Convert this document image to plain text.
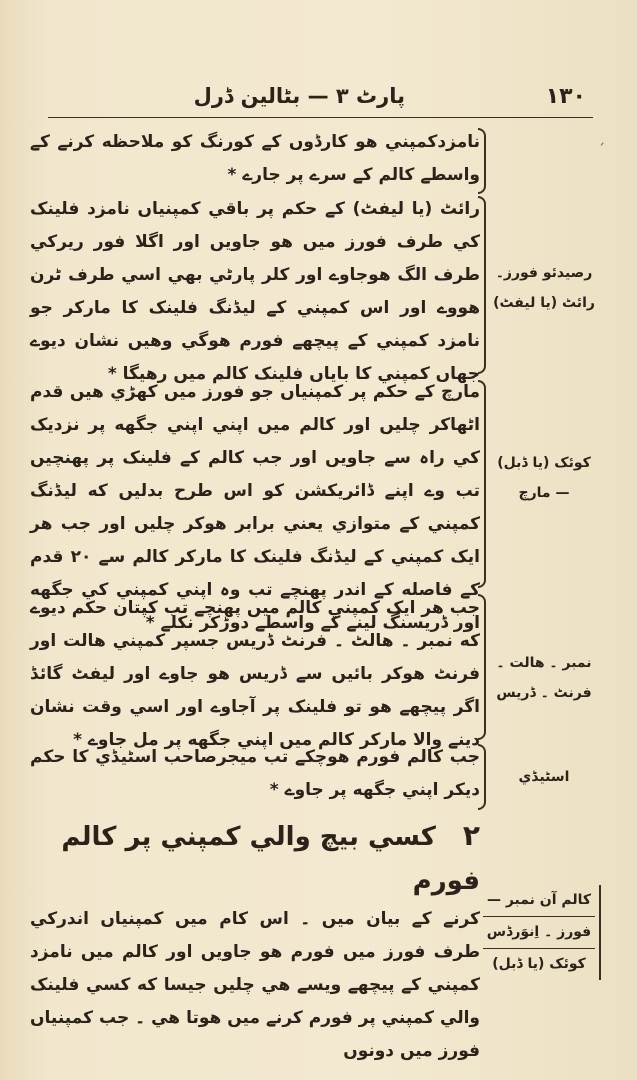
١٣٠
پارٹ ٣ — بٹالین ڈرل
ˏ

نامزدکمپني هو کارڈوں کے کورنگ کو ملاحظه کرنے کے واسطے کالم کے سرے پر جارے *

رائٹ (یا لیفٹ) کے حکم پر باقي کمپنیاں نامزد فلینک کي طرف فورز میں هو جاویں اور اگلا فور ریرکي طرف الگ هوجاوے اور کلر پارٹي بهي اسي طرف ٹرن هووے اور اس کمپني کے لیڈنگ فلینک کا مارکر جو نامزد کمپني کے پیچهے فورم هوگي وهیں نشان دیوے جهاں کمپني کا بایاں فلینک کالم میں رهیگا *

رصیدئو فورز۔
رائٹ (یا لیفٹ)

مارچ کے حکم پر کمپنیاں جو فورز میں کهڑي هیں قدم اٹهاکر چلیں اور کالم میں اپني اپني جگهه پر نزدیک کي راہ سے جاویں اور جب کالم کے فلینک پر پهنچیں تب وے اپنے ڈائریکشن کو اس طرح بدلیں که لیڈنگ کمپني کے متوازي یعني برابر هوکر چلیں اور جب هر ایک کمپني کے لیڈنگ فلینک کا مارکر کالم سے ٢٠ قدم کے فاصله کے اندر پهنچے تب وہ اپني کمپني کي جگهه اور ڈریسنگ لینے کے واسطے دوڑکر نکلے *

کوئک (یا ڈبل)
— مارچ

جب هر ایک کمپني کالم میں پهنچے تب کپتان حکم دیوے که نمبر ۔ هالٹ ۔ فرنٹ ڈریس جسپر کمپني هالت اور فرنٹ هوکر بائیں سے ڈریس هو جاوے اور لیفٹ گائڈ اگر پیچهے هو تو فلینک پر آجاوے اور اسي وقت نشان دینے والا مارکر کالم میں اپني جگهه پر مل جاوے *

نمبر ۔ هالت ۔
فرنٹ ۔ ڈریس

جب کالم فورم هوچکے تب میجرصاحب اسٹیڈي کا حکم دیکر اپني جگهه پر جاوے *

اسٹیڈي
٢ کسي بیچ والي کمپني پر کالم فورم

کرنے کے بیان میں ۔ اس کام میں کمپنیاں اندرکي طرف فورز میں فورم هو جاویں اور کالم میں نامزد کمپني کے پیچهے ویسے هي چلیں جیسا که کسي فلینک والي کمپني پر فورم کرنے میں هوتا هي ۔ جب کمپنیاں فورز میں دونوں

کالم آن نمبر —
فورز ۔ اِنوَرڈس
کوئک (یا ڈبل)
